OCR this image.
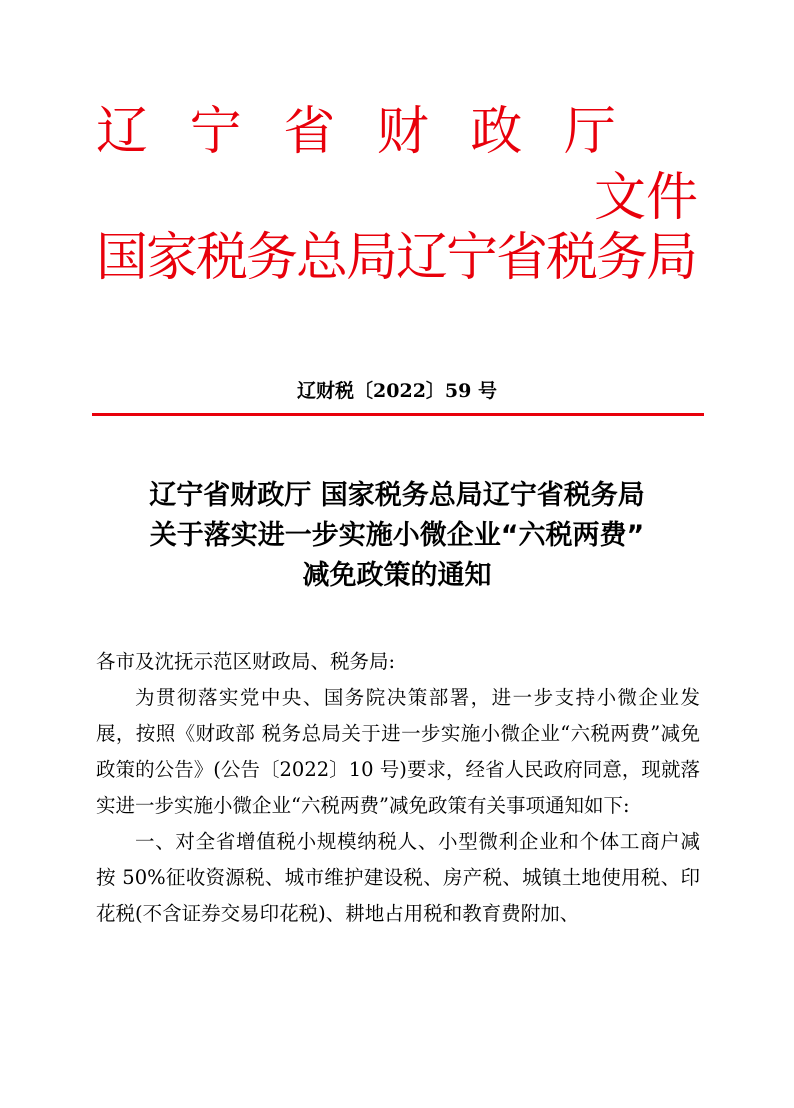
辽 宁 省 财 政 厅
文件
国家税务总局辽宁省税务局
辽财税〔2022〕59 号
辽宁省财政厅 国家税务总局辽宁省税务局
关于落实进一步实施小微企业“六税两费”
减免政策的通知

各市及沈抚示范区财政局、税务局:

为贯彻落实党中央、国务院决策部署，进一步支持小微企业发展，按照《财政部 税务总局关于进一步实施小微企业“六税两费”减免政策的公告》(公告〔2022〕10 号)要求，经省人民政府同意，现就落实进一步实施小微企业“六税两费”减免政策有关事项通知如下:

一、对全省增值税小规模纳税人、小型微利企业和个体工商户减按 50%征收资源税、城市维护建设税、房产税、城镇土地使用税、印花税(不含证券交易印花税)、耕地占用税和教育费附加、
